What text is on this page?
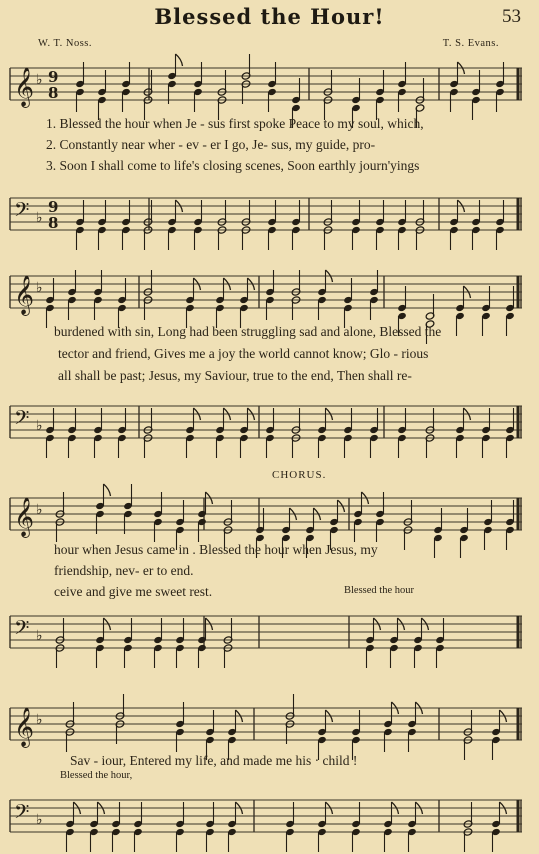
Blessed the Hour!	53
W. T. Noss.	T. S. Evans.
𝄞 ♭ 9
8
1. Blessed the hour when Je - sus first spoke Peace to my soul, which,
2. Constantly near wher - ev - er I go, Je- sus, my guide, pro-
3. Soon I shall come to life's closing scenes, Soon earthly journ'yings
𝄢 ♭
9
8
𝄞 ♭
burdened with sin, Long had been struggling sad and alone, Blessed the
tector and friend, Gives me a joy the world cannot know; Glo - rious
all shall be past; Jesus, my Saviour, true to the end, Then shall re-
𝄢 ♭
CHORUS.
𝄞 ♭
hour when Jesus came in . Blessed the hour when Jesus, my
friendship, nev- er to end.
ceive and give me sweet rest.	Blessed the hour
𝄢 ♭
𝄞 ♭
Sav - iour, Entered my life, and made me his · child !
Blessed the hour,
𝄢 ♭
